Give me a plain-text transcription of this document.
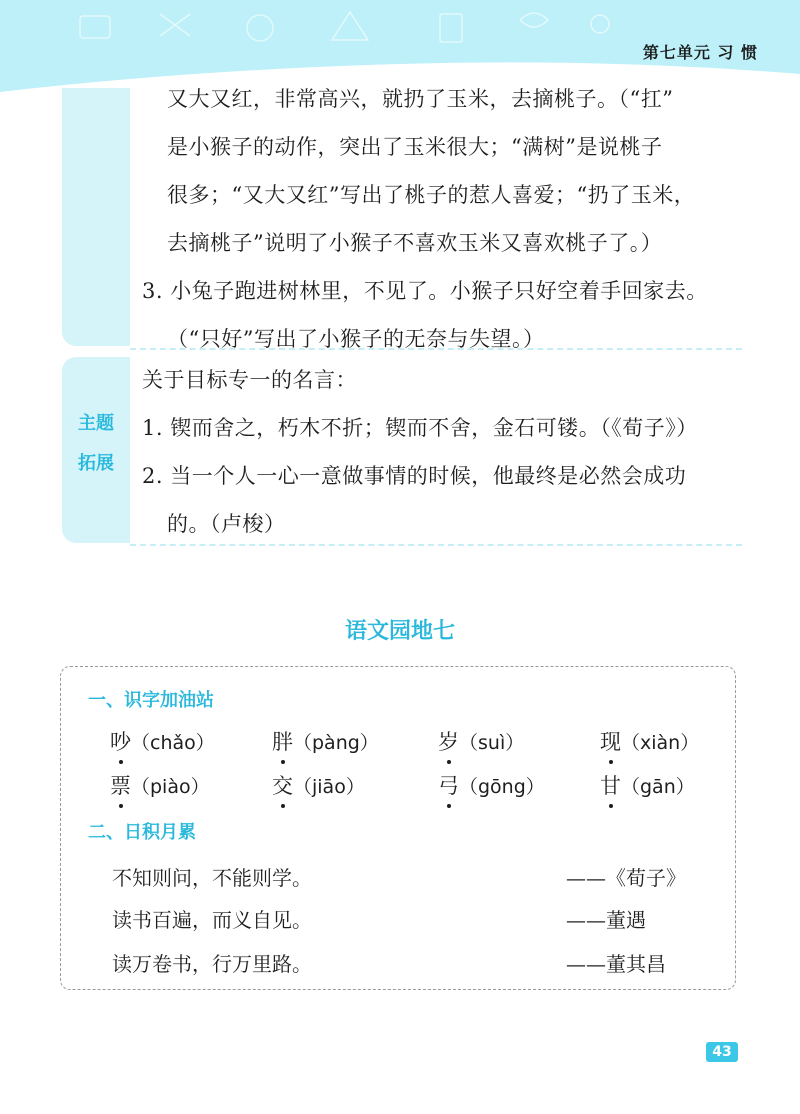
第七单元 习 惯
主题
拓展

又大又红，非常高兴，就扔了玉米，去摘桃子。（“扛”

是小猴子的动作，突出了玉米很大；“满树”是说桃子

很多；“又大又红”写出了桃子的惹人喜爱；“扔了玉米，

去摘桃子”说明了小猴子不喜欢玉米又喜欢桃子了。）

3. 小兔子跑进树林里，不见了。小猴子只好空着手回家去。

（“只好”写出了小猴子的无奈与失望。）

关于目标专一的名言：

1. 锲而舍之，朽木不折；锲而不舍，金石可镂。（《荀子》）

2. 当一个人一心一意做事情的时候，他最终是必然会成功

的。（卢梭）

语文园地七
一、识字加油站
吵（chǎo）	胖（pàng）	岁（suì）	现（xiàn）
票（piào）	交（jiāo）	弓（gōng）	甘（gān）
二、日积月累
不知则问，不能则学。	——《荀子》
读书百遍，而义自见。	——董遇
读万卷书，行万里路。	——董其昌
43
